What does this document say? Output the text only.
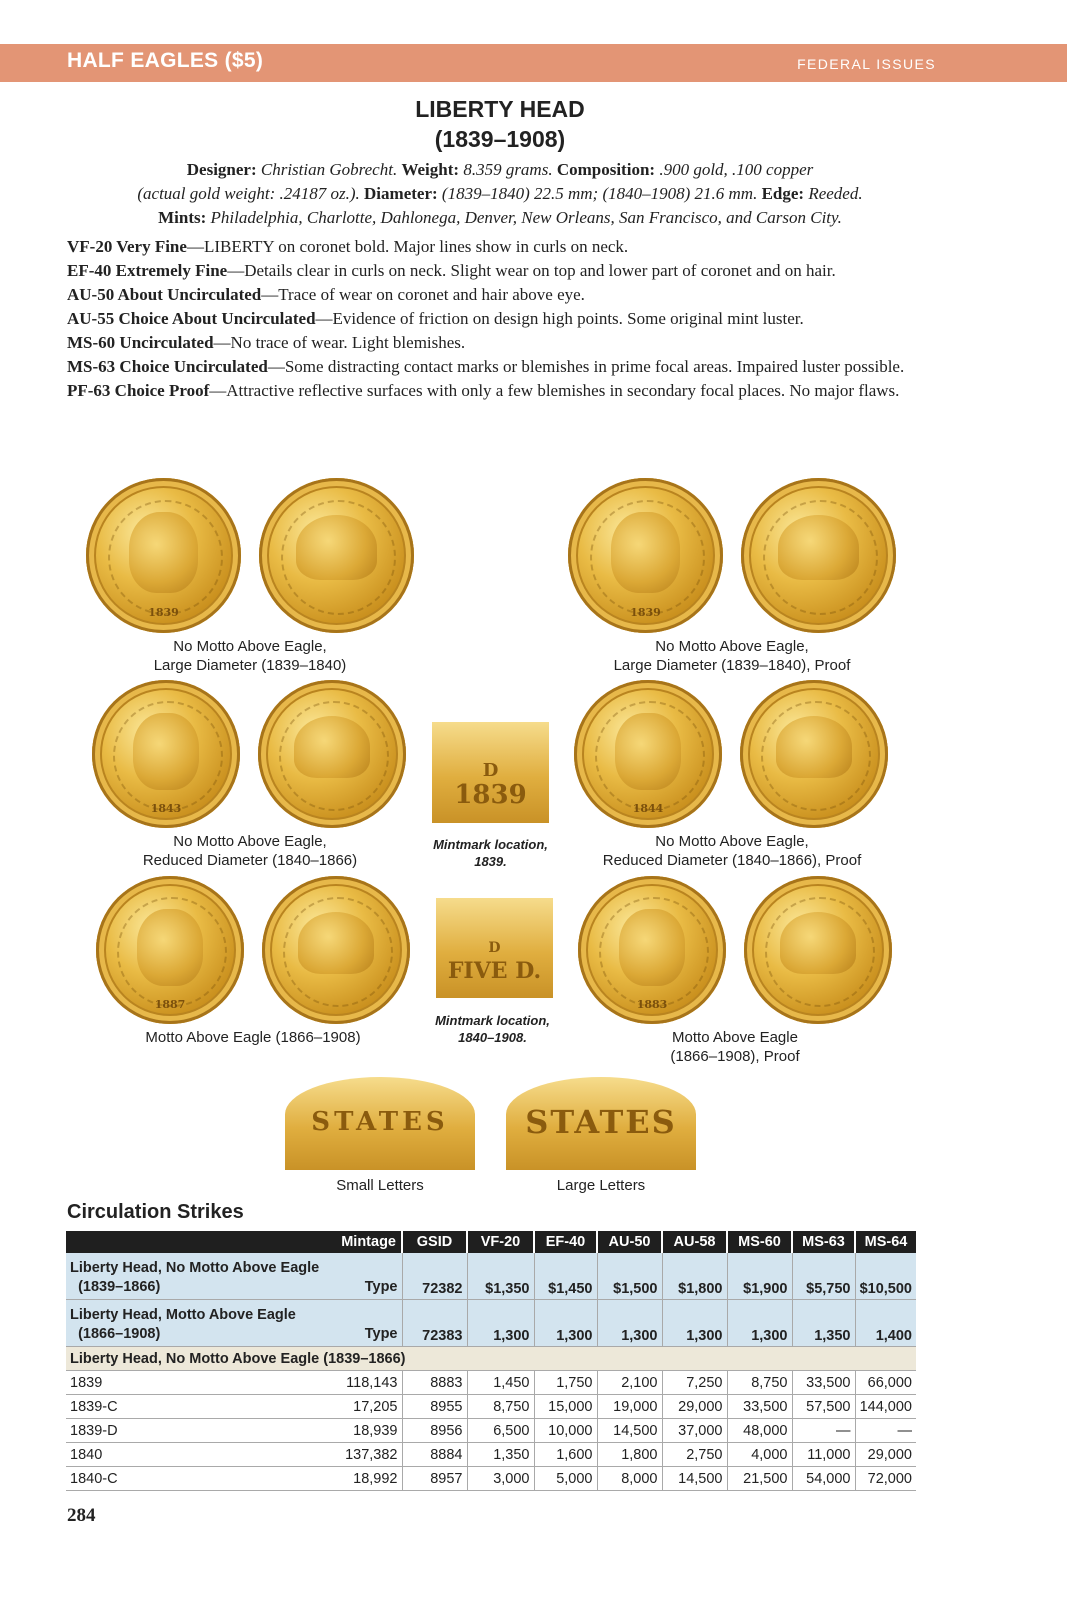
HALF EAGLES ($5)	FEDERAL ISSUES
LIBERTY HEAD
(1839–1908)
Designer: Christian Gobrecht. Weight: 8.359 grams. Composition: .900 gold, .100 copper
(actual gold weight: .24187 oz.). Diameter: (1839–1840) 22.5 mm; (1840–1908) 21.6 mm. Edge: Reeded.
Mints: Philadelphia, Charlotte, Dahlonega, Denver, New Orleans, San Francisco, and Carson City.

VF-20 Very Fine—LIBERTY on coronet bold. Major lines show in curls on neck.

EF-40 Extremely Fine—Details clear in curls on neck. Slight wear on top and lower part of coronet and on hair.

AU-50 About Uncirculated—Trace of wear on coronet and hair above eye.

AU-55 Choice About Uncirculated—Evidence of friction on design high points. Some original mint luster.

MS-60 Uncirculated—No trace of wear. Light blemishes.

MS-63 Choice Uncirculated—Some distracting contact marks or blemishes in prime focal areas. Impaired luster possible.

PF-63 Choice Proof—Attractive reflective surfaces with only a few blemishes in secondary focal places. No major flaws.

1839	1839
No Motto Above Eagle,
Large Diameter (1839–1840)
No Motto Above Eagle,
Large Diameter (1839–1840), Proof
1843
D
1839	1844
No Motto Above Eagle,
Reduced Diameter (1840–1866)
Mintmark location,
1839.
No Motto Above Eagle,
Reduced Diameter (1840–1866), Proof
1887
D
FIVE D.
1883
Motto Above Eagle (1866–1908)
Mintmark location,
1840–1908.	Motto Above Eagle
(1866–1908), Proof
STATES	STATES
Small Letters	Large Letters
Circulation Strikes
Mintage	GSID	VF-20	EF-40	AU-50	AU-58	MS-60	MS-63	MS-64
Liberty Head, No Motto Above Eagle
(1839–1866) Type	72382	$1,350	$1,450	$1,500	$1,800	$1,900	$5,750	$10,500
Liberty Head, Motto Above Eagle
(1866–1908) Type	72383	1,300	1,300	1,300	1,300	1,300	1,350	1,400
Liberty Head, No Motto Above Eagle (1839–1866)								
1839 118,143	8883	1,450	1,750	2,100	7,250	8,750	33,500	66,000
1839-C 17,205	8955	8,750	15,000	19,000	29,000	33,500	57,500	144,000
1839-D 18,939	8956	6,500	10,000	14,500	37,000	48,000	—	—
1840 137,382	8884	1,350	1,600	1,800	2,750	4,000	11,000	29,000
1840-C 18,992	8957	3,000	5,000	8,000	14,500	21,500	54,000	72,000
284
